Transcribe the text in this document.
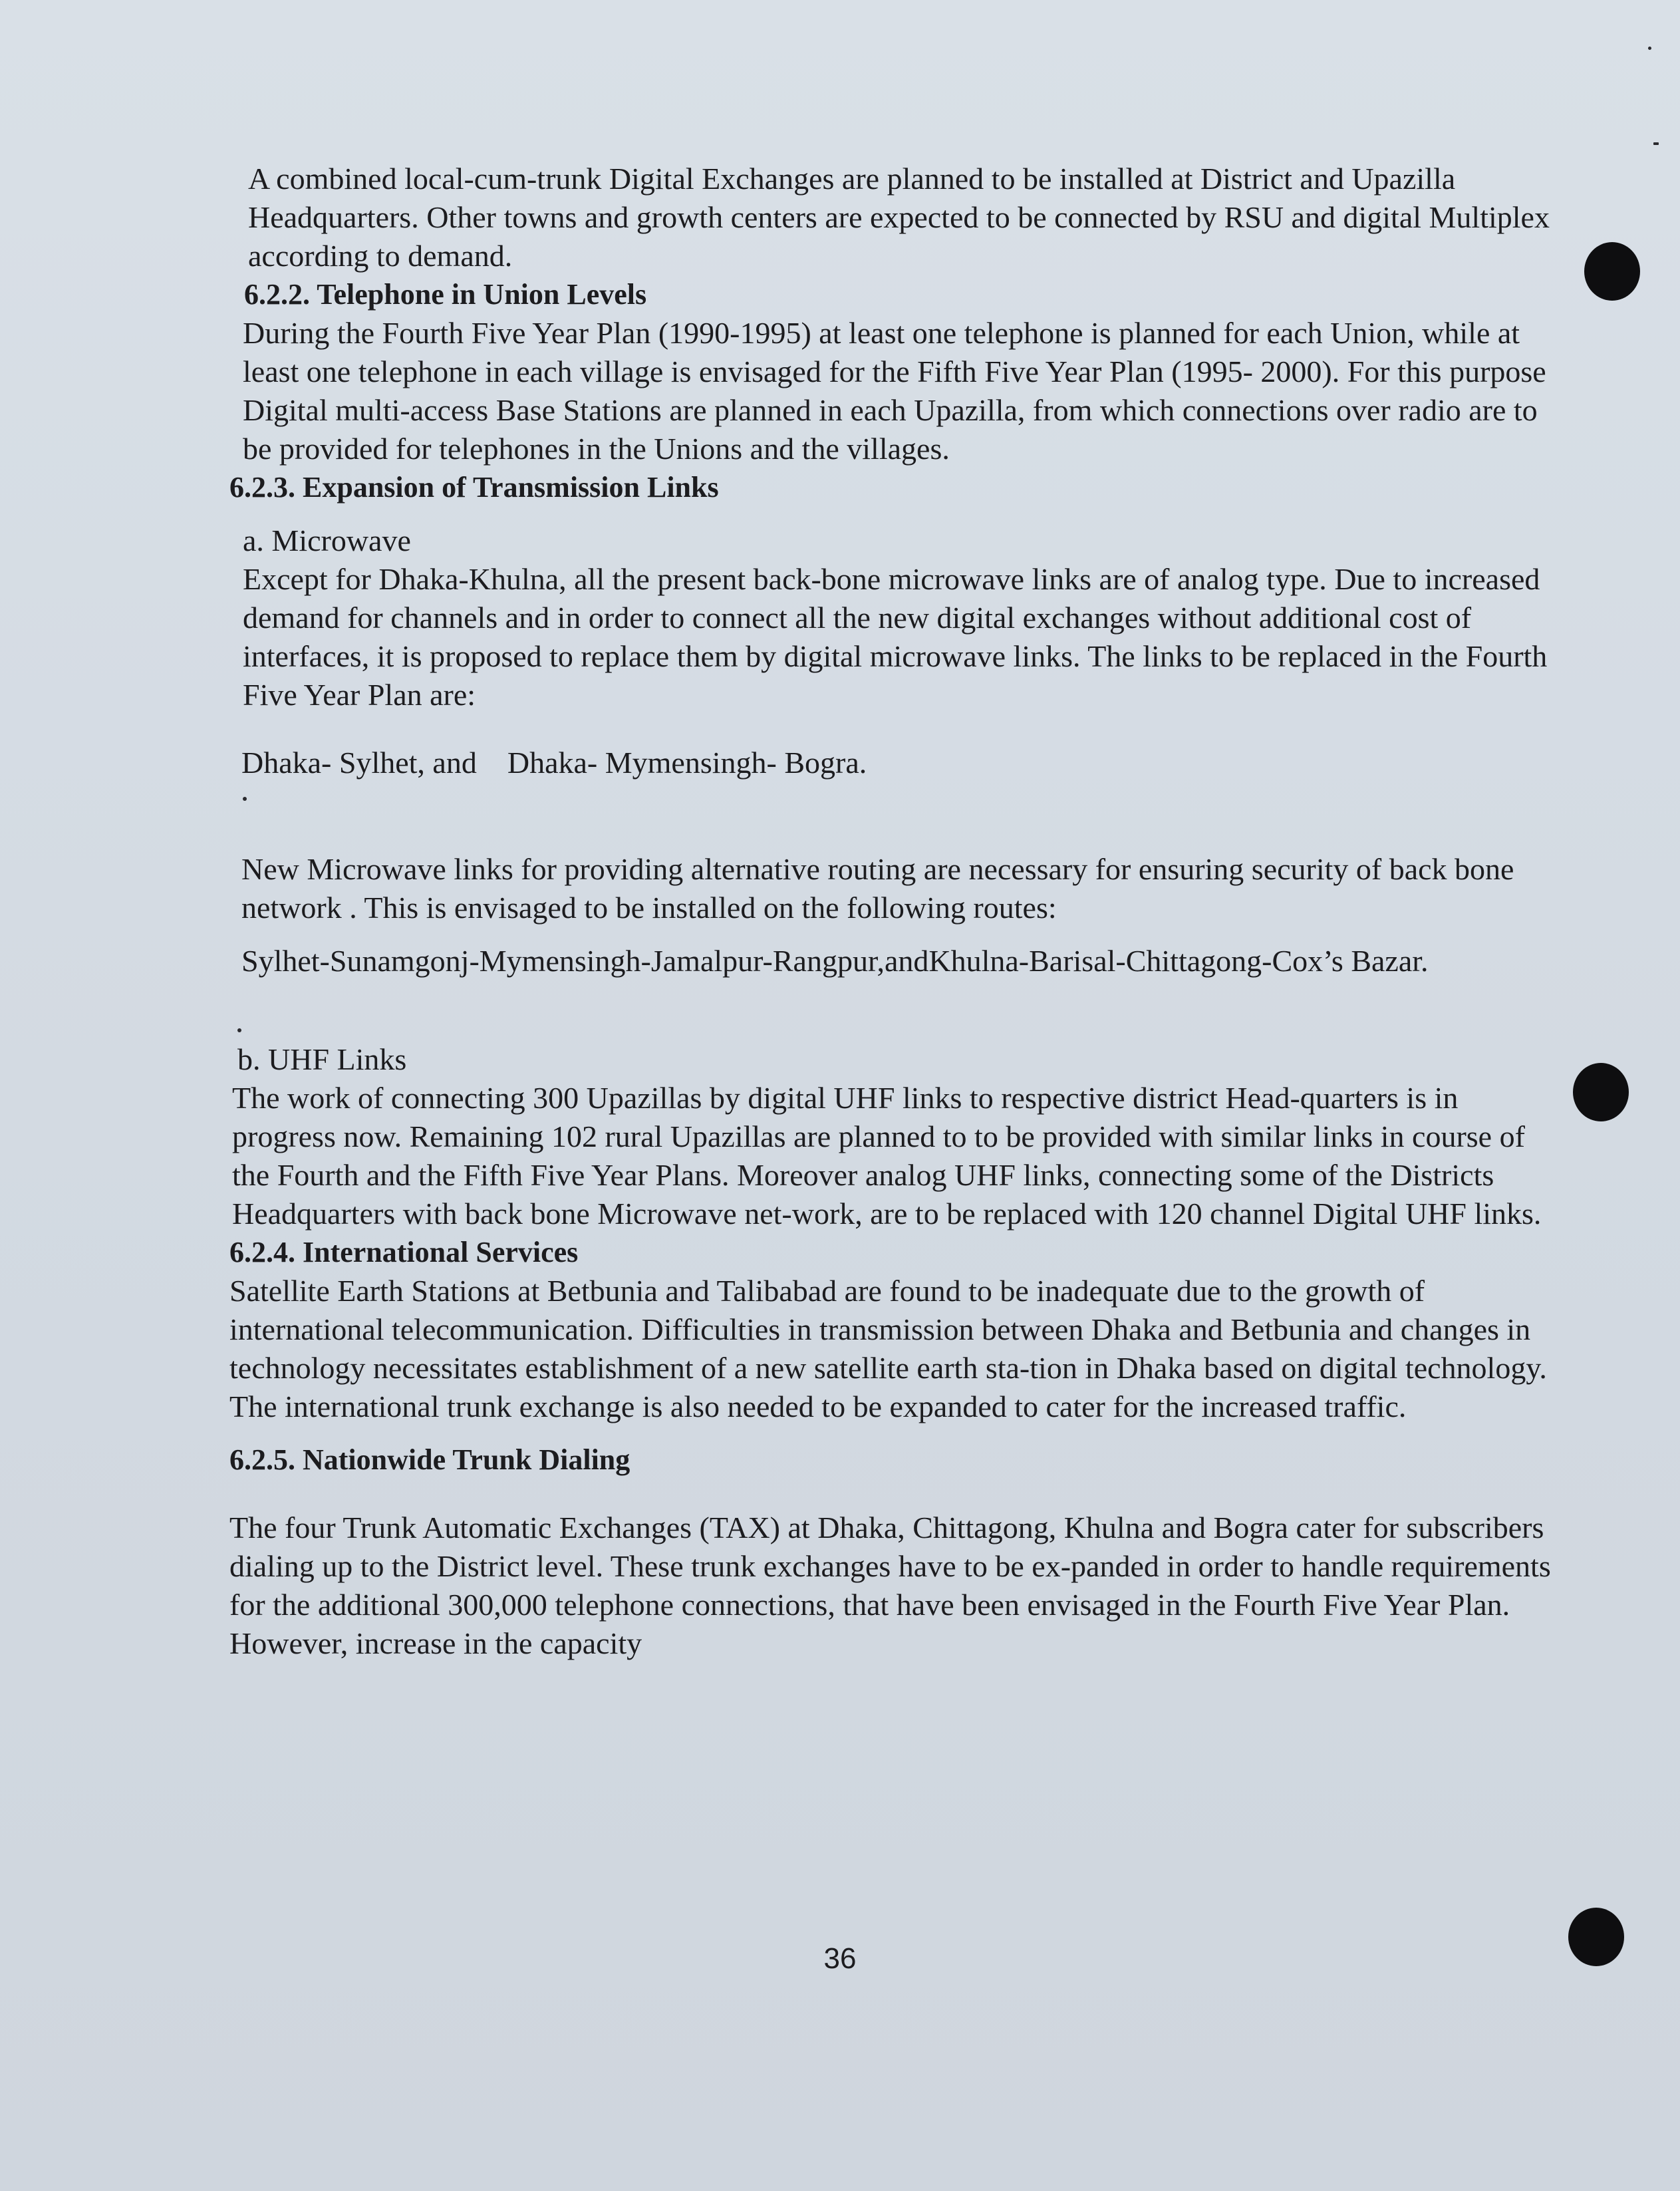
A combined local-cum-trunk Digital Exchanges are planned to be installed at District and Upazilla Headquarters. Other towns and growth centers are expected to be connected by RSU and digital Multiplex according to demand.

6.2.2. Telephone in Union Levels

During the Fourth Five Year Plan (1990-1995) at least one telephone is planned for each Union, while at least one telephone in each village is envisaged for the Fifth Five Year Plan (1995- 2000). For this purpose Digital multi-access Base Stations are planned in each Upazilla, from which connections over radio are to be provided for telephones in the Unions and the villages.

6.2.3. Expansion of Transmission Links

a. Microwave

Except for Dhaka-Khulna, all the present back-bone microwave links are of analog type. Due to increased demand for channels and in order to connect all the new digital exchanges without additional cost of interfaces, it is proposed to replace them by digital microwave links. The links to be replaced in the Fourth Five Year Plan are:

Dhaka- Sylhet, and    Dhaka- Mymensingh- Bogra.

New Microwave links for providing alternative routing are necessary for ensuring security of back bone network . This is envisaged to be installed on the following routes:

Sylhet-Sunamgonj-Mymensingh-Jamalpur-Rangpur,andKhulna-Barisal-Chittagong-Cox’s Bazar.

b. UHF Links

The work of connecting 300 Upazillas by digital UHF links to respective district Head-quarters is in progress now. Remaining 102 rural Upazillas are planned to to be provided with similar links in course of the Fourth and the Fifth Five Year Plans. Moreover analog UHF links, connecting some of the Districts Headquarters with back bone Microwave net-work, are to be replaced with 120 channel Digital UHF links.

6.2.4. International Services

Satellite Earth Stations at Betbunia and Talibabad are found to be inadequate due to the growth of international telecommunication. Difficulties in transmission between Dhaka and Betbunia and changes in technology necessitates establishment of a new satellite earth sta-tion in Dhaka based on digital technology. The international trunk exchange is also needed to be expanded to cater for the increased traffic.

6.2.5. Nationwide Trunk Dialing

The four Trunk Automatic Exchanges (TAX) at Dhaka, Chittagong, Khulna and Bogra cater for subscribers dialing up to the District level. These trunk exchanges have to be ex-panded in order to handle requirements for the additional 300,000 telephone connections, that have been envisaged in the Fourth Five Year Plan. However, increase in the capacity

36
